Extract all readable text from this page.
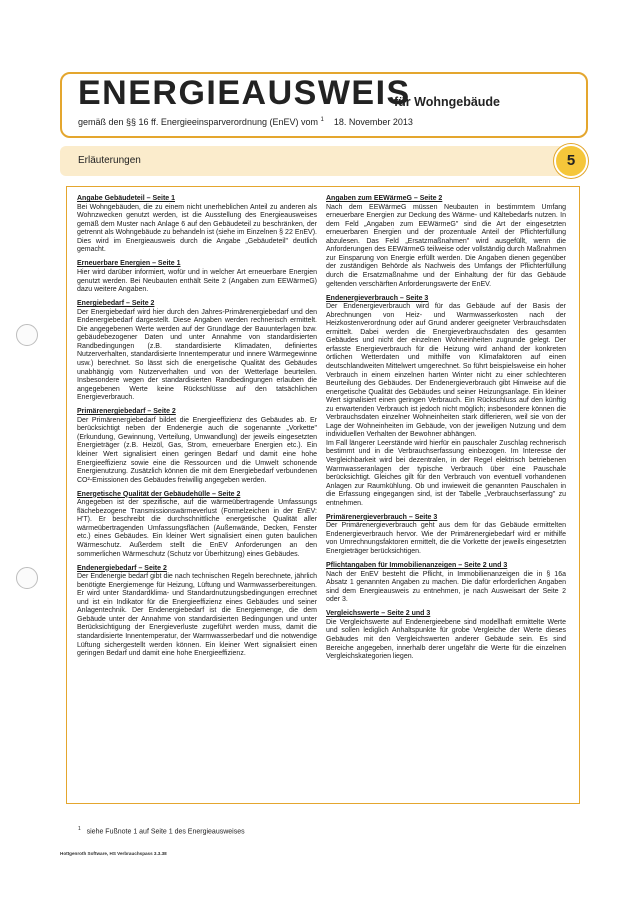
ENERGIEAUSWEIS
für Wohngebäude
gemäß den §§ 16 ff. Energieeinsparverordnung (EnEV) vom $^1$ 18. November 2013
Erläuterungen	5
Angabe Gebäudeteil – Seite 1

Bei Wohngebäuden, die zu einem nicht unerheblichen Anteil zu anderen als Wohnzwecken genutzt werden, ist die Ausstellung des Energieausweises gemäß dem Muster nach Anlage 6 auf den Gebäudeteil zu beschränken, der getrennt als Wohngebäude zu behandeln ist (siehe im Einzelnen § 22 EnEV). Dies wird im Energieausweis durch die Angabe „Gebäudeteil" deutlich gemacht.

Erneuerbare Energien – Seite 1

Hier wird darüber informiert, wofür und in welcher Art erneuerbare Energien genutzt werden. Bei Neubauten enthält Seite 2 (Angaben zum EEWärmeG) dazu weitere Angaben.

Energiebedarf – Seite 2

Der Energiebedarf wird hier durch den Jahres-Primärenergiebedarf und den Endenergiebedarf dargestellt. Diese Angaben werden rechnerisch ermittelt. Die angegebenen Werte werden auf der Grundlage der Bauunterlagen bzw. gebäudebezogener Daten und unter Annahme von standardisierten Randbedingungen (z.B. standardisierte Klimadaten, definiertes Nutzerverhalten, standardisierte Innentemperatur und innere Wärmegewinne usw.) berechnet. So lässt sich die energetische Qualität des Gebäudes unabhängig vom Nutzerverhalten und von der Wetterlage beurteilen. Insbesondere wegen der standardisierten Randbedingungen erlauben die angegebenen Werte keine Rückschlüsse auf den tatsächlichen Energieverbrauch.

Primärenergiebedarf – Seite 2

Der Primärenergiebedarf bildet die Energieeffizienz des Gebäudes ab. Er berücksichtigt neben der Endenergie auch die sogenannte „Vorkette" (Erkundung, Gewinnung, Verteilung, Umwandlung) der jeweils eingesetzten Energieträger (z.B. Heizöl, Gas, Strom, erneuerbare Energien etc.). Ein kleiner Wert signalisiert einen geringen Bedarf und damit eine hohe Energieeffizienz sowie eine die Ressourcen und die Umwelt schonende Energienutzung. Zusätzlich können die mit dem Energiebedarf verbundenen CO²-Emissionen des Gebäudes freiwillig angegeben werden.

Energetische Qualität der Gebäudehülle – Seite 2

Angegeben ist der spezifische, auf die wärmeübertragende Umfassungs flächebezogene Transmissionswärmeverlust (Formelzeichen in der EnEV: H'T). Er beschreibt die durchschnittliche energetische Qualität aller wärmeübertragenden Umfassungsflächen (Außenwände, Decken, Fenster etc.) eines Gebäudes. Ein kleiner Wert signalisiert einen guten baulichen Wärmeschutz. Außerdem stellt die EnEV Anforderungen an den sommerlichen Wärmeschutz (Schutz vor Überhitzung) eines Gebäudes.

Endenergiebedarf – Seite 2

Der Endenergie bedarf gibt die nach technischen Regeln berechnete, jährlich benötigte Energiemenge für Heizung, Lüftung und Warmwasserbereitungen. Er wird unter Standardklima- und Standardnutzungsbedingungen errechnet und ist ein Indikator für die Energieeffizienz eines Gebäudes und seiner Anlagentechnik. Der Endenergiebedarf ist die Energiemenge, die dem Gebäude unter der Annahme von standardisierten Bedingungen und unter Berücksichtigung der Energieverluste zugeführt werden muss, damit die standardisierte Innentemperatur, der Warmwasserbedarf und die notwendige Lüftung sichergestellt werden können. Ein kleiner Wert signalisiert einen geringen Bedarf und damit eine hohe Energieeffizienz.

Angaben zum EEWärmeG – Seite 2

Nach dem EEWärmeG müssen Neubauten in bestimmtem Umfang erneuerbare Energien zur Deckung des Wärme- und Kältebedarfs nutzen. In dem Feld „Angaben zum EEWärmeG" sind die Art der eingesetzten erneuerbaren Energien und der prozentuale Anteil der Pflichterfüllung abzulesen. Das Feld „Ersatzmaßnahmen" wird ausgefüllt, wenn die Anforderungen des EEWärmeG teilweise oder vollständig durch Maßnahmen zur Einsparung von Energie erfüllt werden. Die Angaben dienen gegenüber der zuständigen Behörde als Nachweis des Umfangs der Pflichterfüllung durch die Ersatzmaßnahme und der Einhaltung der für das Gebäude geltenden verschärften Anforderungswerte der EnEV.

Endenergieverbrauch – Seite 3

Der Endenergieverbrauch wird für das Gebäude auf der Basis der Abrechnungen von Heiz- und Warmwasserkosten nach der Heizkostenverordnung oder auf Grund anderer geeigneter Verbrauchsdaten ermittelt. Dabei werden die Energieverbrauchsdaten des gesamten Gebäudes und nicht der einzelnen Wohneinheiten zugrunde gelegt. Der erfasste Energieverbrauch für die Heizung wird anhand der konkreten örtlichen Wetterdaten und mithilfe von Klimafaktoren auf einen deutschlandweiten Mittelwert umgerechnet. So führt beispielsweise ein hoher Verbrauch in einem einzelnen harten Winter nicht zu einer schlechteren Beurteilung des Gebäudes. Der Endenergieverbrauch gibt Hinweise auf die energetische Qualität des Gebäudes und seiner Heizungsanlage. Ein kleiner Wert signalisiert einen geringen Verbrauch. Ein Rückschluss auf den künftig zu erwartenden Verbrauch ist jedoch nicht möglich; insbesondere können die Verbrauchsdaten einzelner Wohneinheiten stark differieren, weil sie von der Lage der Wohneinheiten im Gebäude, von der jeweiligen Nutzung und dem individuellen Verhalten der Bewohner abhängen.
Im Fall längerer Leerstände wird hierfür ein pauschaler Zuschlag rechnerisch bestimmt und in die Verbrauchserfassung einbezogen. Im Interesse der Vergleichbarkeit wird bei dezentralen, in der Regel elektrisch betriebenen Warmwasseranlagen der typische Verbrauch über eine Pauschale berücksichtigt. Gleiches gilt für den Verbrauch von eventuell vorhandenen Anlagen zur Raumkühlung. Ob und inwieweit die genannten Pauschalen in die Erfassung eingegangen sind, ist der Tabelle „Verbrauchserfassung" zu entnehmen.

Primärenergieverbrauch – Seite 3

Der Primärenergieverbrauch geht aus dem für das Gebäude ermittelten Endenergieverbrauch hervor. Wie der Primärenergiebedarf wird er mithilfe von Umrechnungsfaktoren ermittelt, die die Vorkette der jeweils eingesetzten Energieträger berücksichtigen.

Pflichtangaben für Immobilienanzeigen – Seite 2 und 3

Nach der EnEV besteht die Pflicht, in Immobilienanzeigen die in § 16a Absatz 1 genannten Angaben zu machen. Die dafür erforderlichen Angaben sind dem Energieausweis zu entnehmen, je nach Ausweisart der Seite 2 oder 3.

Vergleichswerte – Seite 2 und 3

Die Vergleichswerte auf Endenergieebene sind modellhaft ermittelte Werte und sollen lediglich Anhaltspunkte für grobe Vergleiche der Werte dieses Gebäudes mit den Vergleichswerten anderer Gebäude sein. Es sind Bereiche angegeben, innerhalb derer ungefähr die Werte für die einzelnen Vergleichskategorien liegen.

$^1$ siehe Fußnote 1 auf Seite 1 des Energieausweises
Hottgenroth Software, HS Verbrauchspass 3.3.38
